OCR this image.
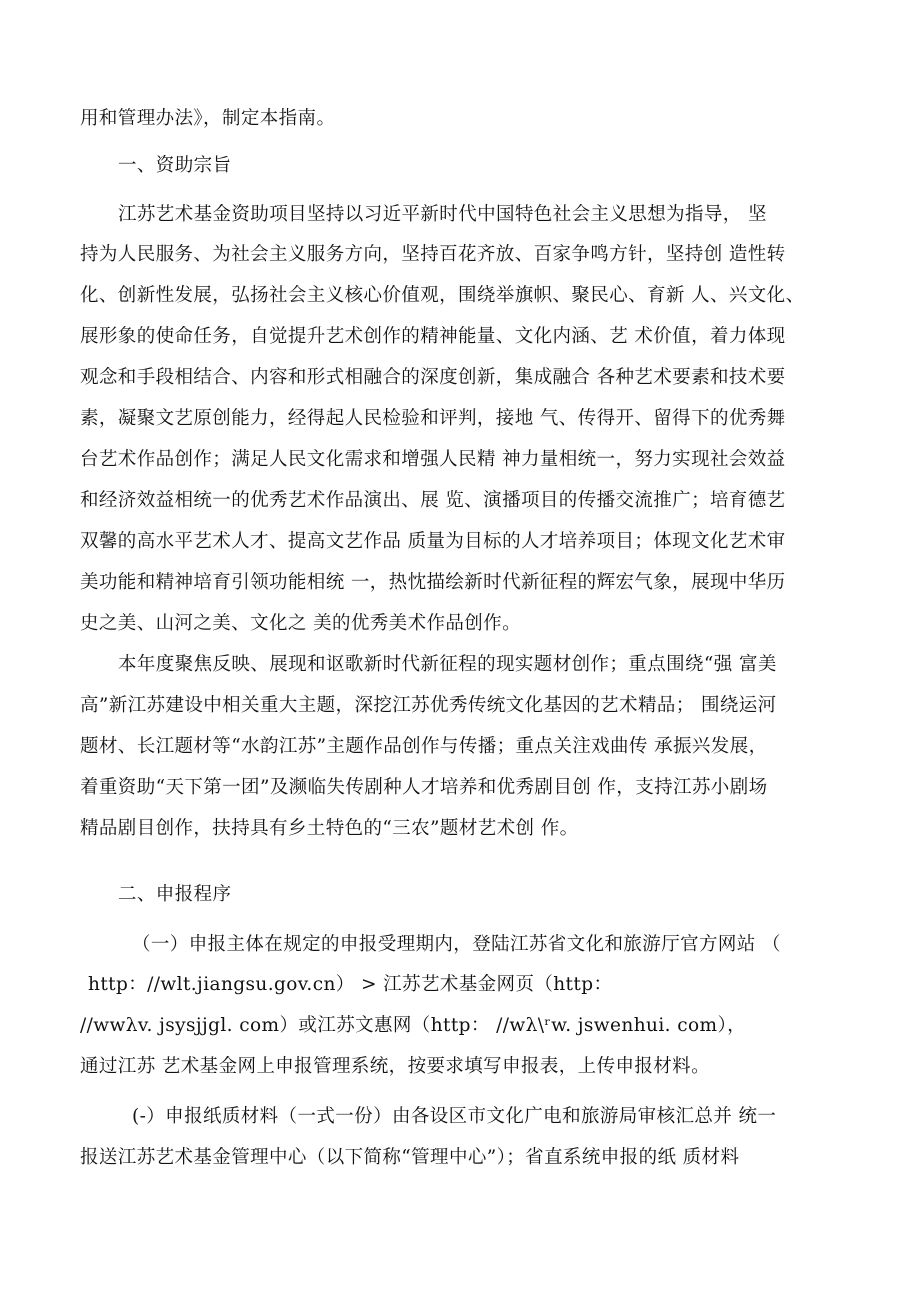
用和管理办法》，制定本指南。
一、资助宗旨
江苏艺术基金资助项目坚持以习近平新时代中国特色社会主义思想为指导， 坚
持为人民服务、为社会主义服务方向，坚持百花齐放、百家争鸣方针，坚持创 造性转
化、创新性发展，弘扬社会主义核心价值观，围绕举旗帜、聚民心、育新 人、兴文化、
展形象的使命任务，自觉提升艺术创作的精神能量、文化内涵、艺 术价值，着力体现
观念和手段相结合、内容和形式相融合的深度创新，集成融合 各种艺术要素和技术要
素，凝聚文艺原创能力，经得起人民检验和评判，接地 气、传得开、留得下的优秀舞
台艺术作品创作；满足人民文化需求和增强人民精 神力量相统一，努力实现社会效益
和经济效益相统一的优秀艺术作品演出、展 览、演播项目的传播交流推广；培育德艺
双馨的高水平艺术人才、提高文艺作品 质量为目标的人才培养项目；体现文化艺术审
美功能和精神培育引领功能相统 一，热忱描绘新时代新征程的辉宏气象，展现中华历
史之美、山河之美、文化之 美的优秀美术作品创作。
本年度聚焦反映、展现和讴歌新时代新征程的现实题材创作；重点围绕“强 富美
高”新江苏建设中相关重大主题，深挖江苏优秀传统文化基因的艺术精品； 围绕运河
题材、长江题材等“水韵江苏”主题作品创作与传播；重点关注戏曲传 承振兴发展，
着重资助“天下第一团”及濒临失传剧种人才培养和优秀剧目创 作，支持江苏小剧场
精品剧目创作，扶持具有乡土特色的“三农”题材艺术创 作。
二、申报程序
（一）申报主体在规定的申报受理期内，登陆江苏省文化和旅游厅官方网站 （
http：//wlt.jiangsu.gov.cn） > 江苏艺术基金网页（http：
//wwλv. jsysjjgl. com）或江苏文惠网（http： //wλ\ʳw. jswenhui. com），
通过江苏 艺术基金网上申报管理系统，按要求填写申报表，上传申报材料。
(-）申报纸质材料（一式一份）由各设区市文化广电和旅游局审核汇总并 统一
报送江苏艺术基金管理中心（以下简称“管理中心”）；省直系统申报的纸 质材料
